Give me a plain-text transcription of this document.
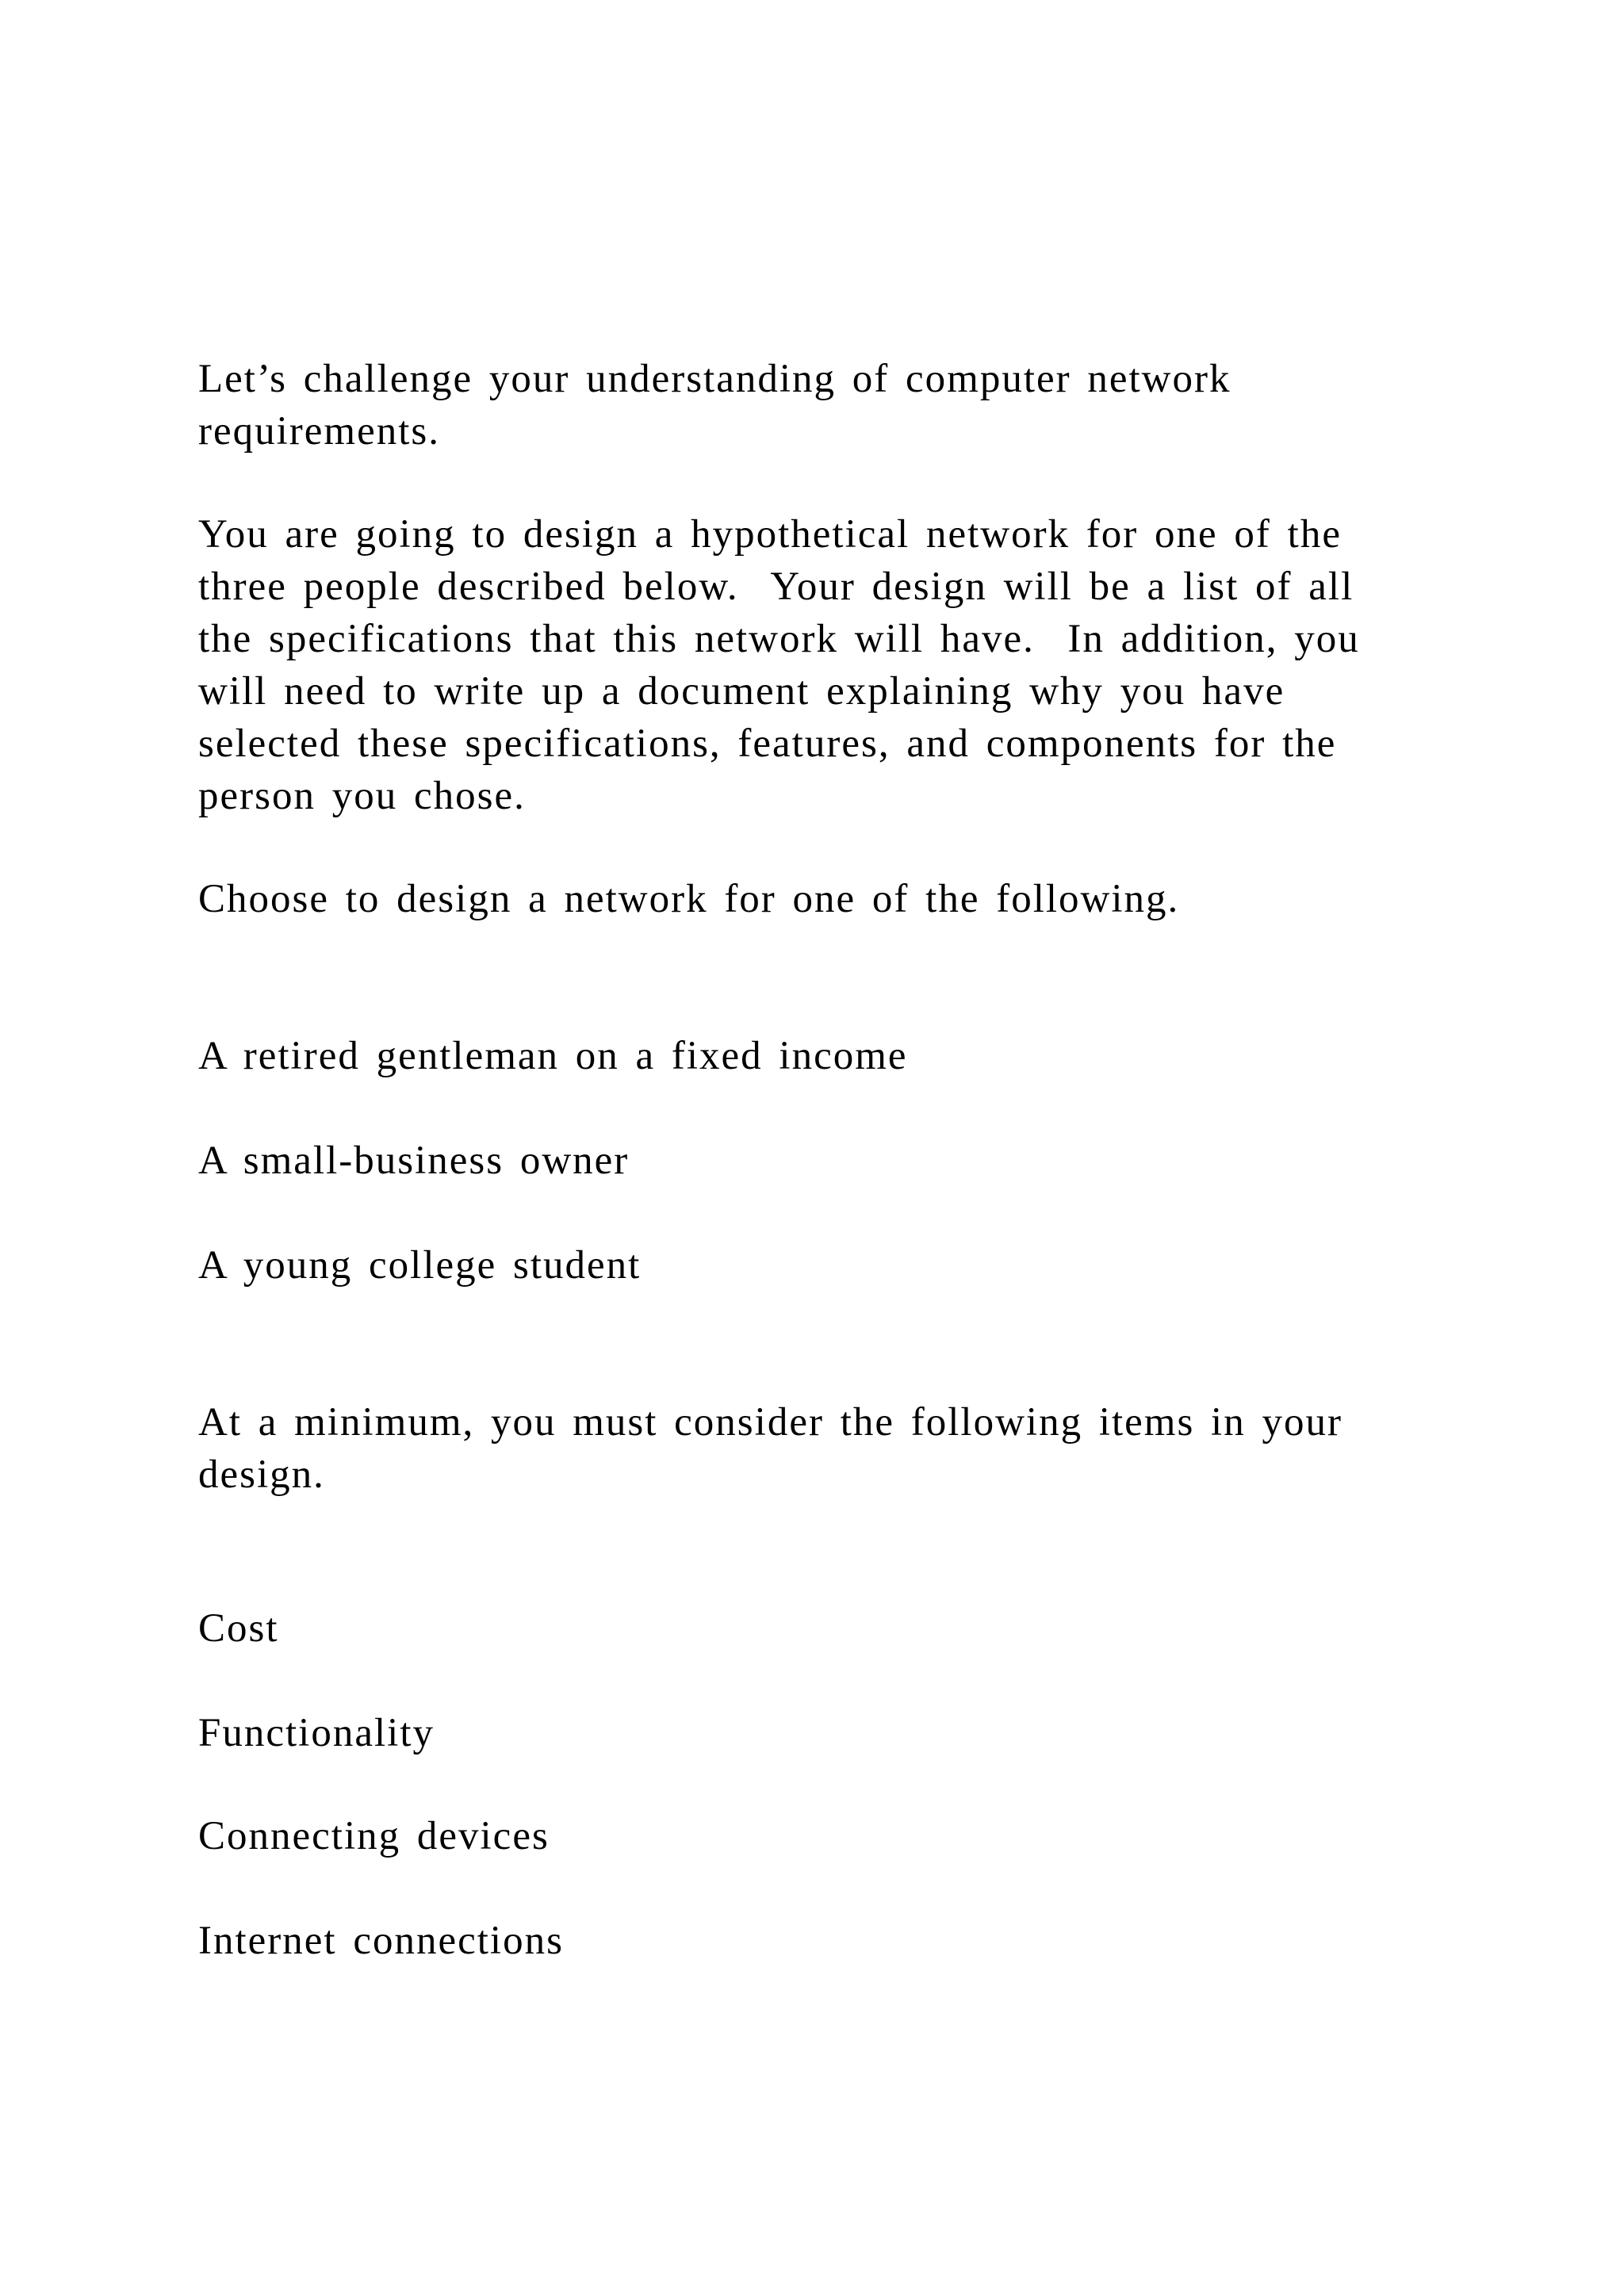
Let’s challenge your understanding of computer network

requirements.

You are going to design a hypothetical network for one of the

three people described below.  Your design will be a list of all

the specifications that this network will have.  In addition, you

will need to write up a document explaining why you have

selected these specifications, features, and components for the

person you chose.

Choose to design a network for one of the following.

A retired gentleman on a fixed income

A small-business owner

A young college student

At a minimum, you must consider the following items in your

design.

Cost

Functionality

Connecting devices

Internet connections
